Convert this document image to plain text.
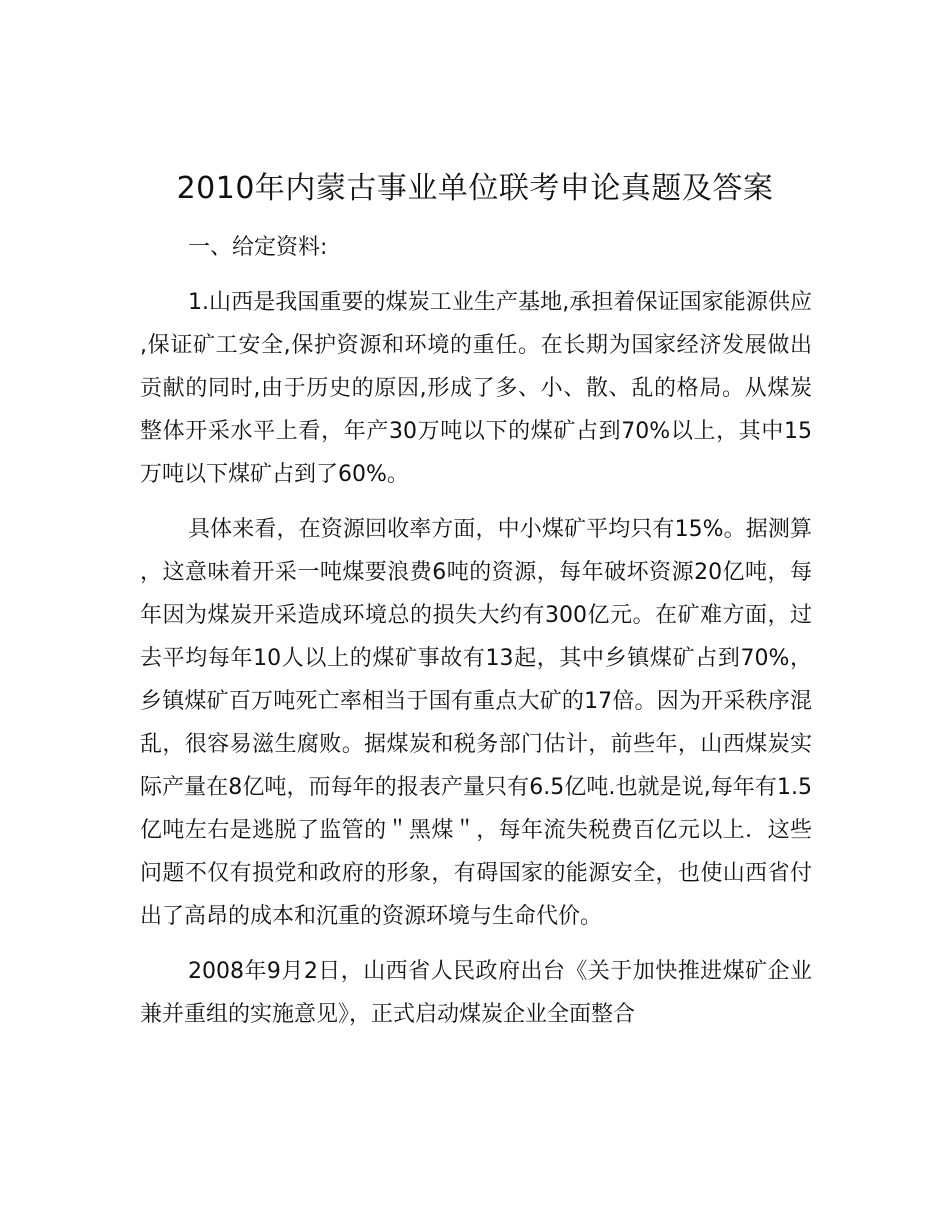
2010年内蒙古事业单位联考申论真题及答案

一、给定资料:

1.山西是我国重要的煤炭工业生产基地,承担着保证国家能源供应,保证矿工安全,保护资源和环境的重任。在长期为国家经济发展做出贡献的同时,由于历史的原因,形成了多、小、散、乱的格局。从煤炭整体开采水平上看，年产30万吨以下的煤矿占到70%以上，其中15万吨以下煤矿占到了60%。

具体来看，在资源回收率方面，中小煤矿平均只有15%。据测算，这意味着开采一吨煤要浪费6吨的资源，每年破坏资源20亿吨，每年因为煤炭开采造成环境总的损失大约有300亿元。在矿难方面，过去平均每年10人以上的煤矿事故有13起，其中乡镇煤矿占到70%，乡镇煤矿百万吨死亡率相当于国有重点大矿的17倍。因为开采秩序混乱，很容易滋生腐败。据煤炭和税务部门估计，前些年，山西煤炭实际产量在8亿吨，而每年的报表产量只有6.5亿吨.也就是说,每年有1.5亿吨左右是逃脱了监管的＂黑煤＂，每年流失税费百亿元以上．这些问题不仅有损党和政府的形象，有碍国家的能源安全，也使山西省付出了高昂的成本和沉重的资源环境与生命代价。

2008年9月2日，山西省人民政府出台《关于加快推进煤矿企业兼并重组的实施意见》，正式启动煤炭企业全面整合
